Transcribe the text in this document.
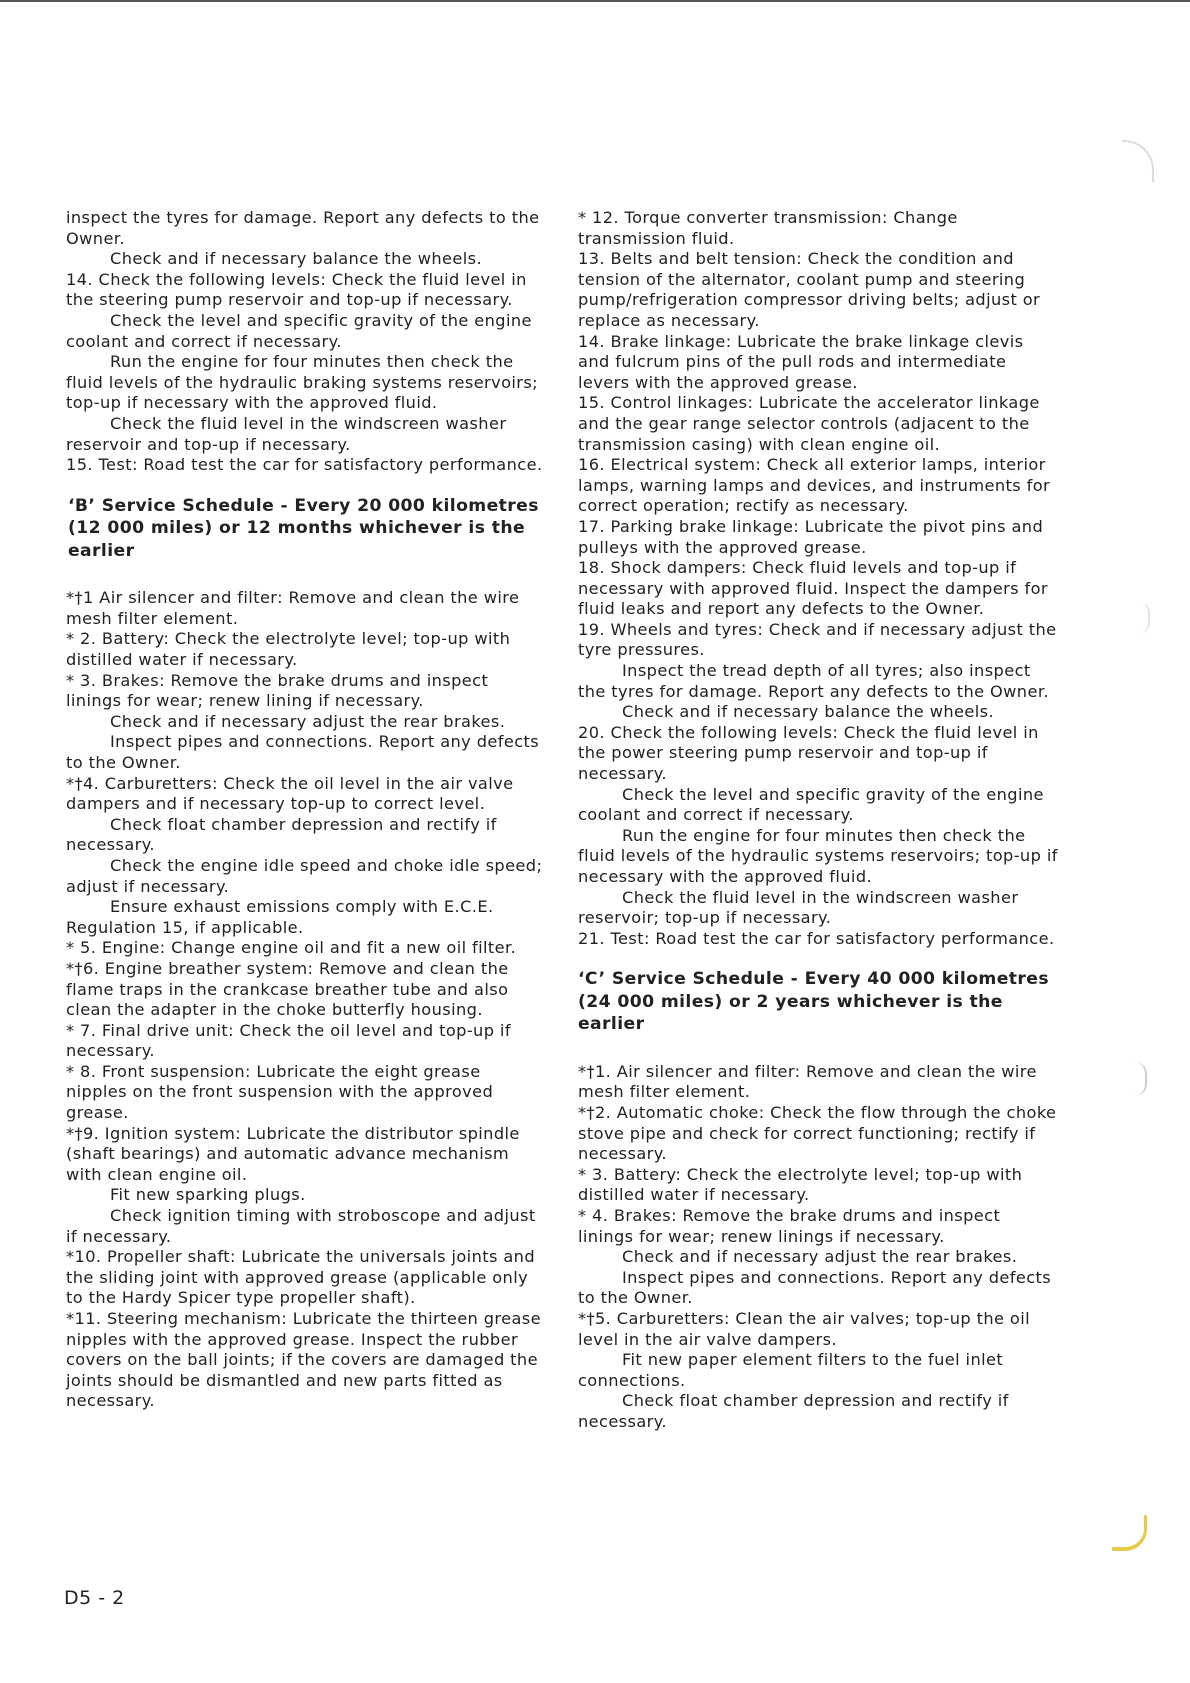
inspect the tyres for damage. Report any defects to the Owner.

Check and if necessary balance the wheels.

14. Check the following levels: Check the fluid level in the steering pump reservoir and top-up if necessary.

Check the level and specific gravity of the engine coolant and correct if necessary.

Run the engine for four minutes then check the fluid levels of the hydraulic braking systems reservoirs; top-up if necessary with the approved fluid.

Check the fluid level in the windscreen washer reservoir and top-up if necessary.

15. Test: Road test the car for satisfactory performance.

‘B’ Service Schedule - Every 20 000 kilometres (12 000 miles) or 12 months whichever is the earlier

*†1 Air silencer and filter: Remove and clean the wire mesh filter element.

* 2. Battery: Check the electrolyte level; top-up with distilled water if necessary.

* 3. Brakes: Remove the brake drums and inspect linings for wear; renew lining if necessary.

Check and if necessary adjust the rear brakes.

Inspect pipes and connections. Report any defects to the Owner.

*†4. Carburetters: Check the oil level in the air valve dampers and if necessary top-up to correct level.

Check float chamber depression and rectify if necessary.

Check the engine idle speed and choke idle speed; adjust if necessary.

Ensure exhaust emissions comply with E.C.E. Regulation 15, if applicable.

* 5. Engine: Change engine oil and fit a new oil filter.

*†6. Engine breather system: Remove and clean the flame traps in the crankcase breather tube and also clean the adapter in the choke butterfly housing.

* 7. Final drive unit: Check the oil level and top-up if necessary.

* 8. Front suspension: Lubricate the eight grease nipples on the front suspension with the approved grease.

*†9. Ignition system: Lubricate the distributor spindle (shaft bearings) and automatic advance mechanism with clean engine oil.

Fit new sparking plugs.

Check ignition timing with stroboscope and adjust if necessary.

*10. Propeller shaft: Lubricate the universals joints and the sliding joint with approved grease (applicable only to the Hardy Spicer type propeller shaft).

*11. Steering mechanism: Lubricate the thirteen grease nipples with the approved grease. Inspect the rubber covers on the ball joints; if the covers are damaged the joints should be dismantled and new parts fitted as necessary.

* 12. Torque converter transmission: Change transmission fluid.

13. Belts and belt tension: Check the condition and tension of the alternator, coolant pump and steering pump/refrigeration compressor driving belts; adjust or replace as necessary.

14. Brake linkage: Lubricate the brake linkage clevis and fulcrum pins of the pull rods and intermediate levers with the approved grease.

15. Control linkages: Lubricate the accelerator linkage and the gear range selector controls (adjacent to the transmission casing) with clean engine oil.

16. Electrical system: Check all exterior lamps, interior lamps, warning lamps and devices, and instruments for correct operation; rectify as necessary.

17. Parking brake linkage: Lubricate the pivot pins and pulleys with the approved grease.

18. Shock dampers: Check fluid levels and top-up if necessary with approved fluid. Inspect the dampers for fluid leaks and report any defects to the Owner.

19. Wheels and tyres: Check and if necessary adjust the tyre pressures.

Inspect the tread depth of all tyres; also inspect the tyres for damage. Report any defects to the Owner.

Check and if necessary balance the wheels.

20. Check the following levels: Check the fluid level in the power steering pump reservoir and top-up if necessary.

Check the level and specific gravity of the engine coolant and correct if necessary.

Run the engine for four minutes then check the fluid levels of the hydraulic systems reservoirs; top-up if necessary with the approved fluid.

Check the fluid level in the windscreen washer reservoir; top-up if necessary.

21. Test: Road test the car for satisfactory performance.

‘C’ Service Schedule - Every 40 000 kilometres (24 000 miles) or 2 years whichever is the earlier

*†1. Air silencer and filter: Remove and clean the wire mesh filter element.

*†2. Automatic choke: Check the flow through the choke stove pipe and check for correct functioning; rectify if necessary.

* 3. Battery: Check the electrolyte level; top-up with distilled water if necessary.

* 4. Brakes: Remove the brake drums and inspect linings for wear; renew linings if necessary.

Check and if necessary adjust the rear brakes.

Inspect pipes and connections. Report any defects to the Owner.

*†5. Carburetters: Clean the air valves; top-up the oil level in the air valve dampers.

Fit new paper element filters to the fuel inlet connections.

Check float chamber depression and rectify if necessary.

D5 - 2
